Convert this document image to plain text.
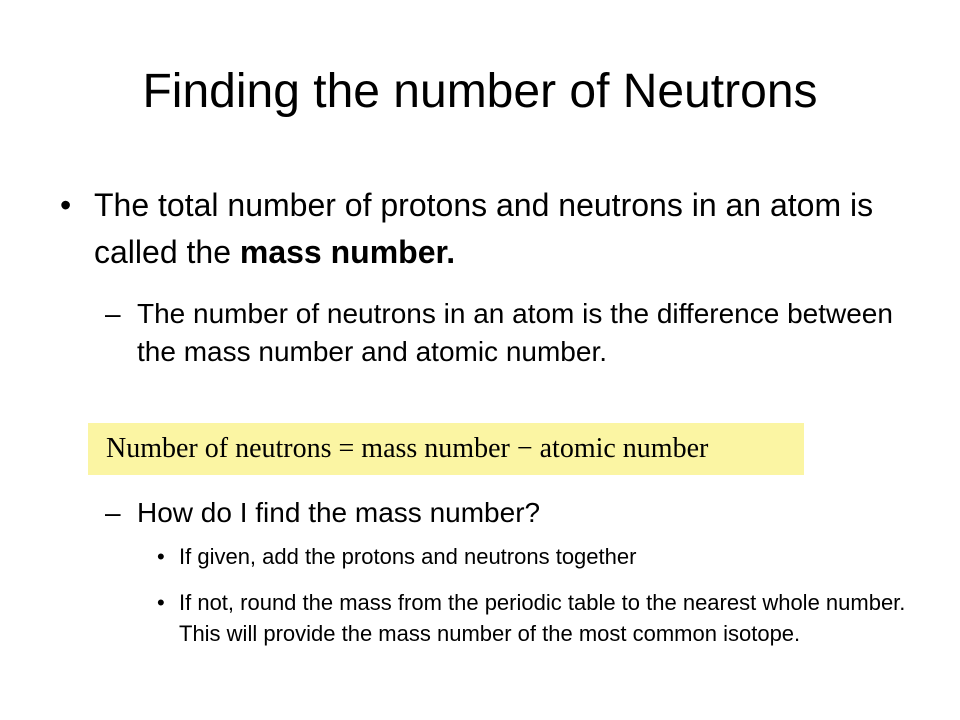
Finding the number of Neutrons
• The total number of protons and neutrons in an atom is called the mass number.
– The number of neutrons in an atom is the difference between the mass number and atomic number.
Number of neutrons = mass number − atomic number
– How do I find the mass number?
• If given, add the protons and neutrons together
• If not, round the mass from the periodic table to the nearest whole number. This will provide the mass number of the most common isotope.
